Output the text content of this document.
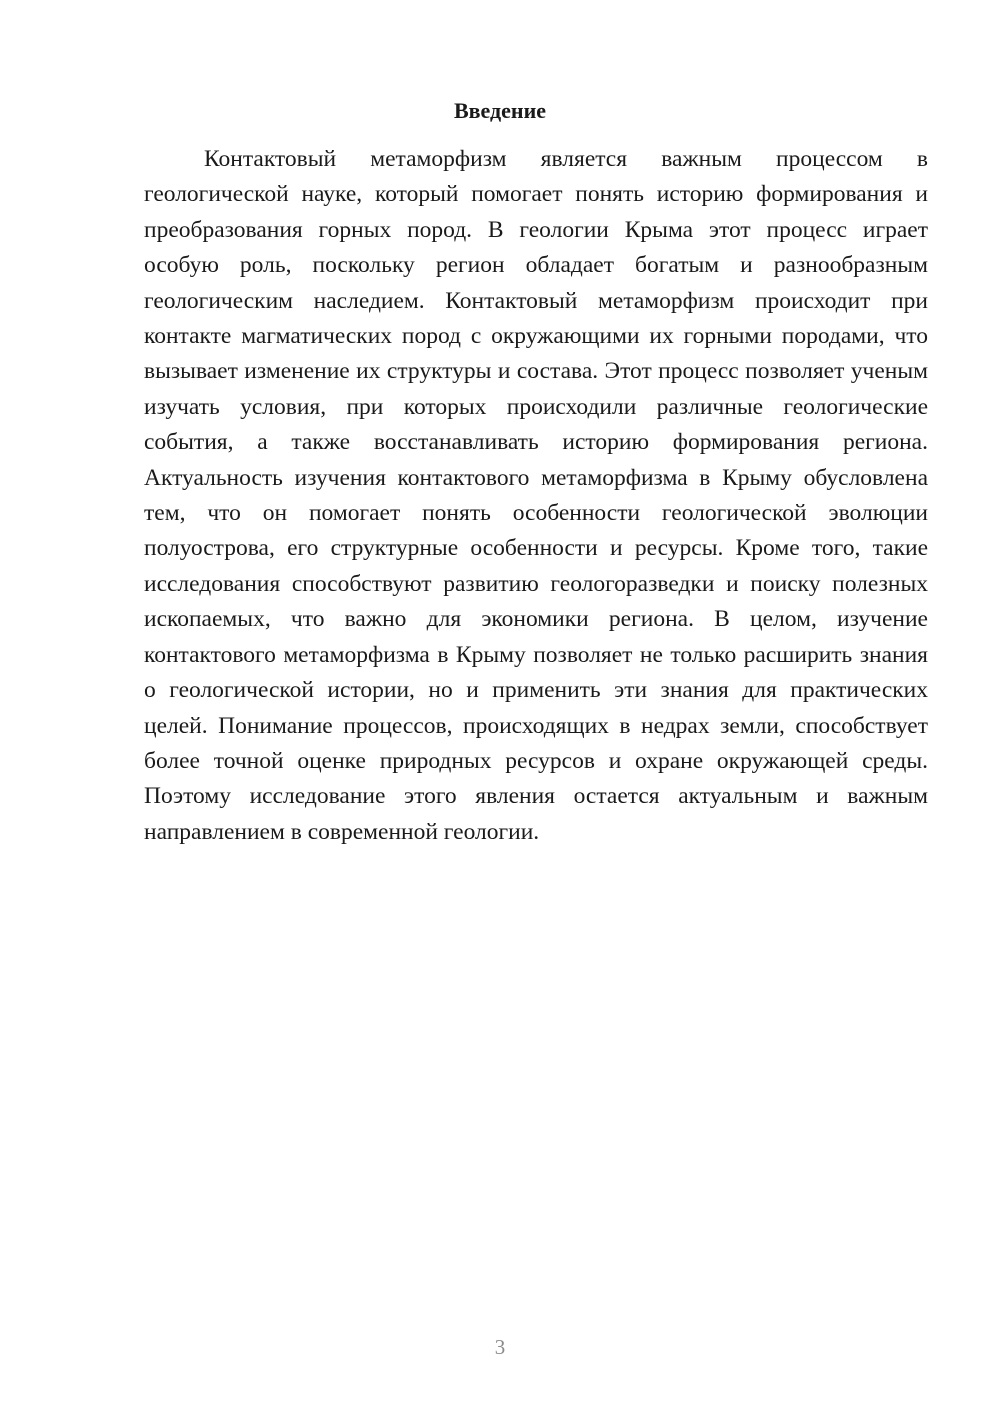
Введение

Контактовый метаморфизм является важным процессом в геологической науке, который помогает понять историю формирования и преобразования горных пород. В геологии Крыма этот процесс играет особую роль, поскольку регион обладает богатым и разнообразным геологическим наследием. Контактовый метаморфизм происходит при контакте магматических пород с окружающими их горными породами, что вызывает изменение их структуры и состава. Этот процесс позволяет ученым изучать условия, при которых происходили различные геологические события, а также восстанавливать историю формирования региона. Актуальность изучения контактового метаморфизма в Крыму обусловлена тем, что он помогает понять особенности геологической эволюции полуострова, его структурные особенности и ресурсы. Кроме того, такие исследования способствуют развитию геологоразведки и поиску полезных ископаемых, что важно для экономики региона. В целом, изучение контактового метаморфизма в Крыму позволяет не только расширить знания о геологической истории, но и применить эти знания для практических целей. Понимание процессов, происходящих в недрах земли, способствует более точной оценке природных ресурсов и охране окружающей среды. Поэтому исследование этого явления остается актуальным и важным направлением в современной геологии.

3
